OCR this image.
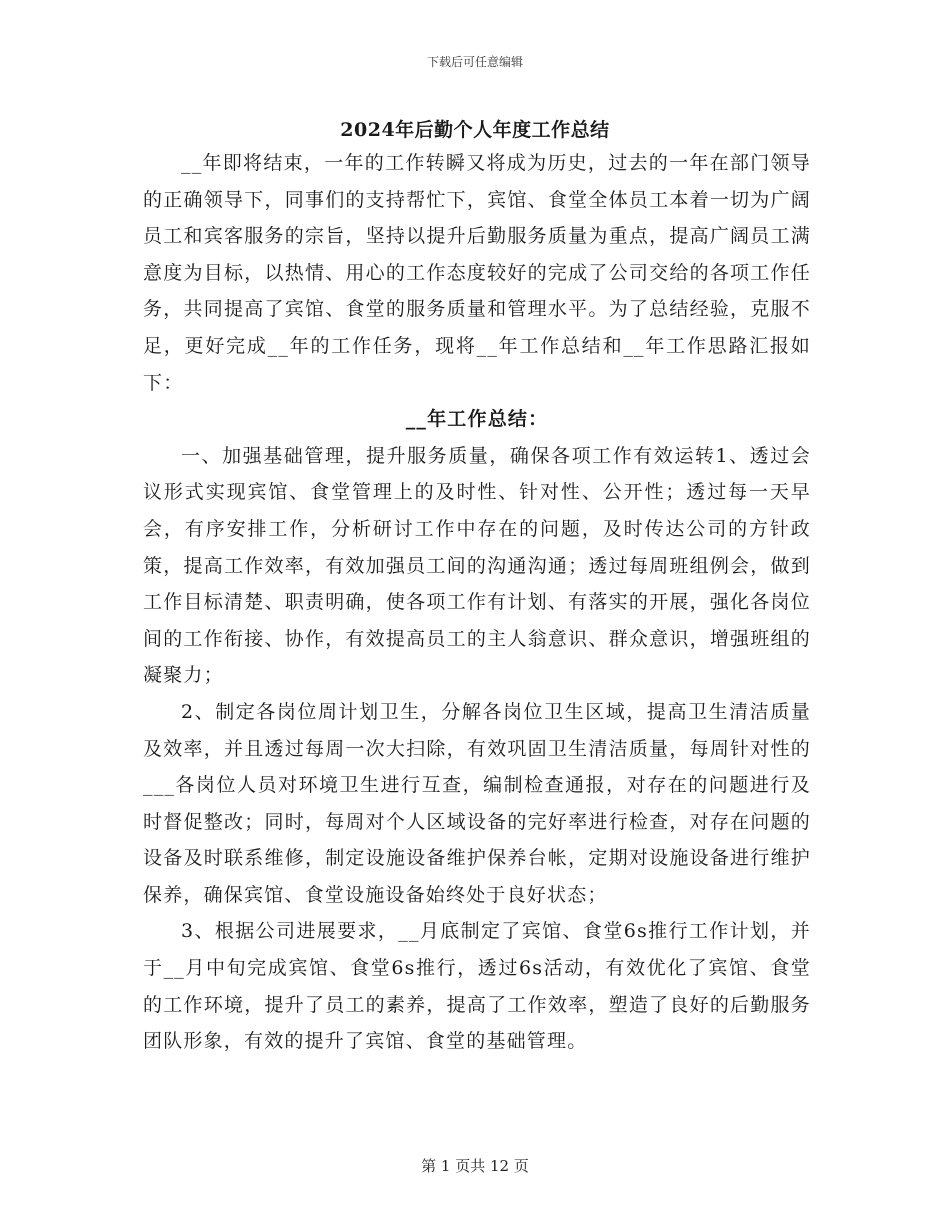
下载后可任意编辑
2024年后勤个人年度工作总结

__年即将结束，一年的工作转瞬又将成为历史，过去的一年在部门领导的正确领导下，同事们的支持帮忙下，宾馆、食堂全体员工本着一切为广阔员工和宾客服务的宗旨，坚持以提升后勤服务质量为重点，提高广阔员工满意度为目标，以热情、用心的工作态度较好的完成了公司交给的各项工作任务，共同提高了宾馆、食堂的服务质量和管理水平。为了总结经验，克服不足，更好完成__年的工作任务，现将__年工作总结和__年工作思路汇报如下：

__年工作总结：

一、加强基础管理，提升服务质量，确保各项工作有效运转1、透过会议形式实现宾馆、食堂管理上的及时性、针对性、公开性；透过每一天早会，有序安排工作，分析研讨工作中存在的问题，及时传达公司的方针政策，提高工作效率，有效加强员工间的沟通沟通；透过每周班组例会，做到工作目标清楚、职责明确，使各项工作有计划、有落实的开展，强化各岗位间的工作衔接、协作，有效提高员工的主人翁意识、群众意识，增强班组的凝聚力；

2、制定各岗位周计划卫生，分解各岗位卫生区域，提高卫生清洁质量及效率，并且透过每周一次大扫除，有效巩固卫生清洁质量，每周针对性的___各岗位人员对环境卫生进行互查，编制检查通报，对存在的问题进行及时督促整改；同时，每周对个人区域设备的完好率进行检查，对存在问题的设备及时联系维修，制定设施设备维护保养台帐，定期对设施设备进行维护保养，确保宾馆、食堂设施设备始终处于良好状态；

3、根据公司进展要求，__月底制定了宾馆、食堂6s推行工作计划，并于__月中旬完成宾馆、食堂6s推行，透过6s活动，有效优化了宾馆、食堂的工作环境，提升了员工的素养，提高了工作效率，塑造了良好的后勤服务团队形象，有效的提升了宾馆、食堂的基础管理。

第 1 页共 12 页
